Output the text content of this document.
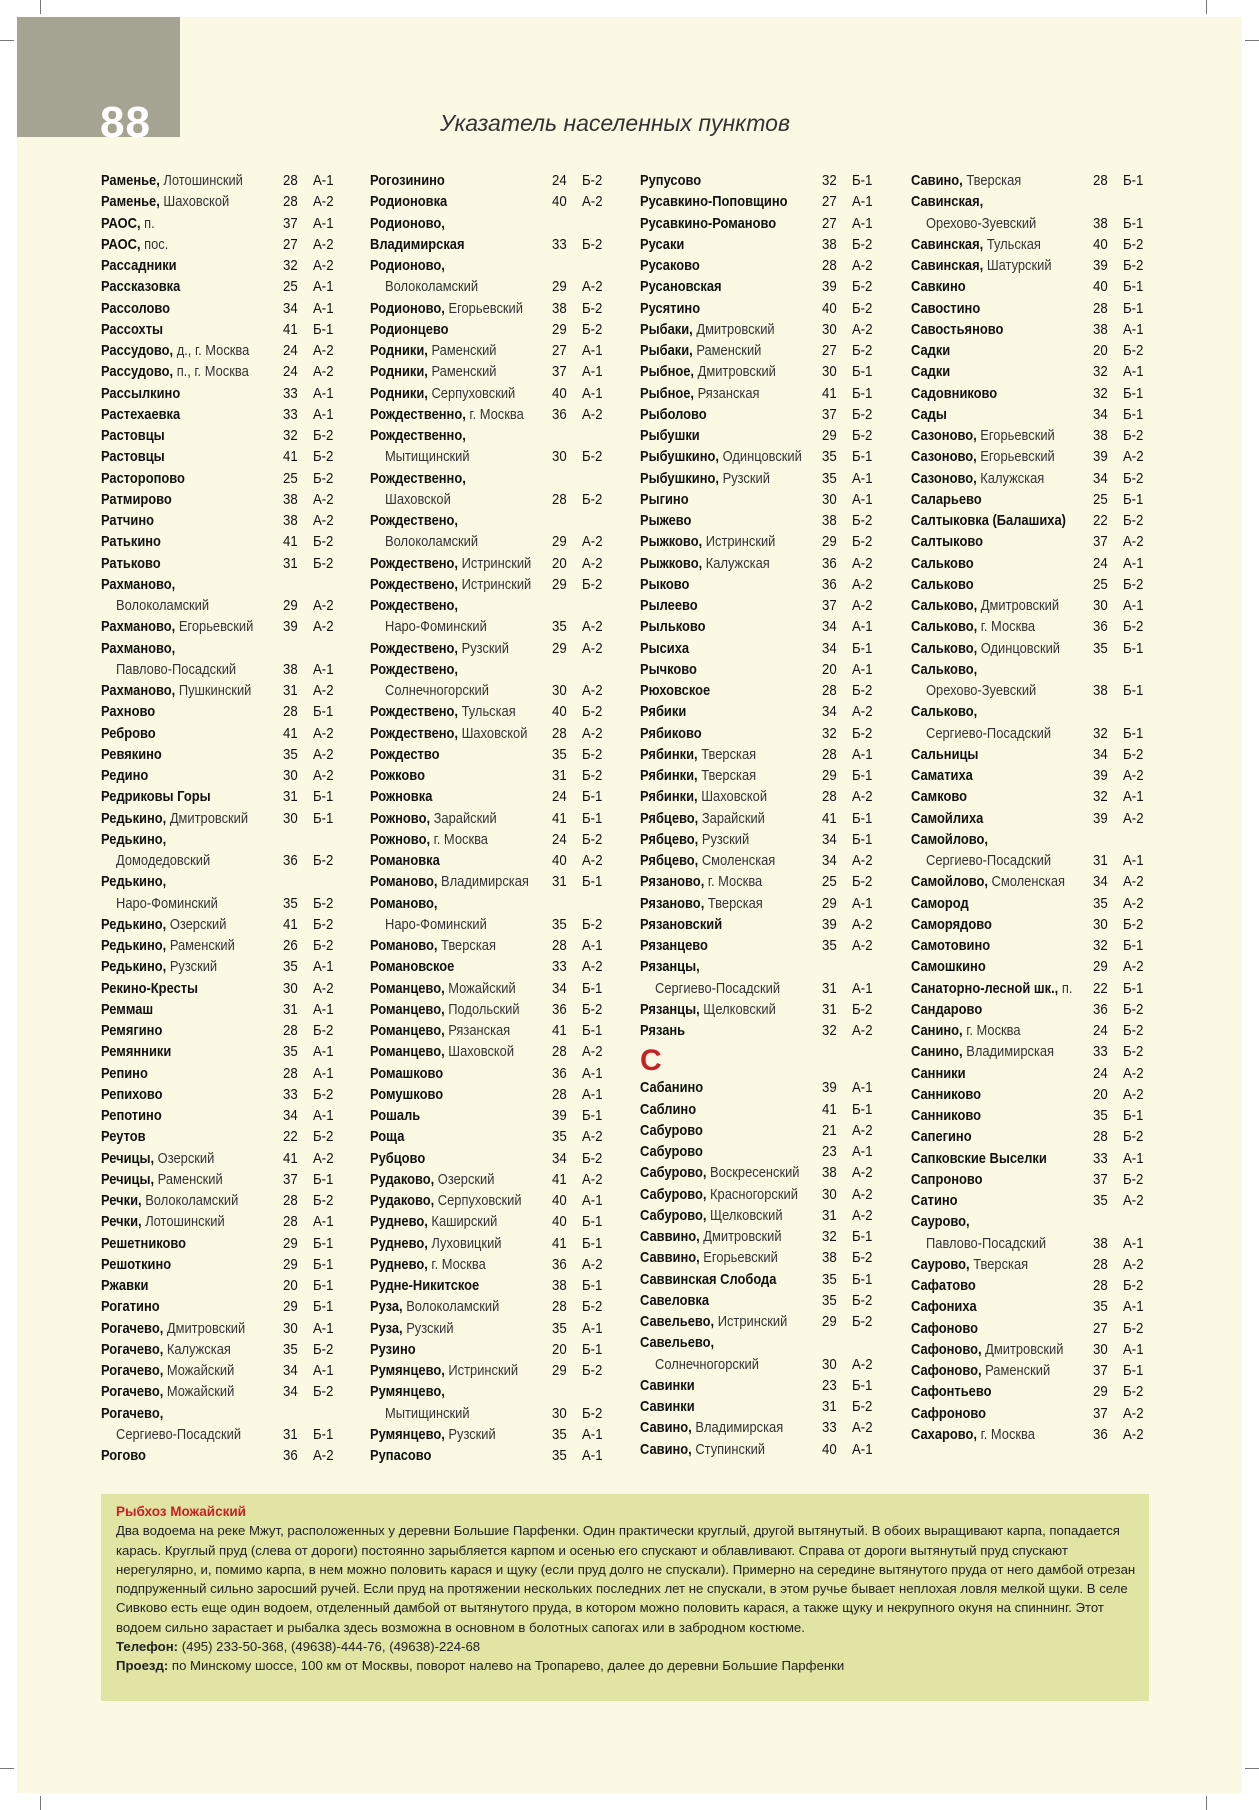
88	Указатель населенных пунктов
Раменье, Лотошинский	28 А-1
Раменье, Шаховской	28 А-2
РАОС, п.	37 А-1
РАОС, пос.	27 А-2
Рассадники	32 А-2
Рассказовка	25 А-1
Рассолово	34 А-1
Рассохты	41 Б-1
Рассудово, д., г. Москва 24 А-2
Рассудово, п., г. Москва 24 А-2
Рассылкино	33 А-1
Растехаевка	33 А-1
Растовцы	32 Б-2
Растовцы	41 Б-2
Расторопово	25 Б-2
Ратмирово	38 А-2
Ратчино	38 А-2
Ратькино	41 Б-2
Ратьково	31 Б-2
Рахманово,
Волоколамский	29 А-2
Рахманово, Егорьевский 39 А-2
Рахманово,
Павлово-Посадский	38 А-1
Рахманово, Пушкинский 31 А-2
Рахново	28 Б-1
Реброво	41 А-2
Ревякино	35 А-2
Редино	30 А-2
Редриковы Горы	31 Б-1
Редькино, Дмитровский 30 Б-1
Редькино,
Домодедовский	36 Б-2
Редькино,
Наро-Фоминский	35 Б-2
Редькино, Озерский	41 Б-2
Редькино, Раменский	26 Б-2
Редькино, Рузский	35 А-1
Рекино-Кресты	30 А-2
Реммаш	31 А-1
Ремягино	28 Б-2
Ремянники	35 А-1
Репино	28 А-1
Репихово	33 Б-2
Репотино	34 А-1
Реутов	22 Б-2
Речицы, Озерский	41 А-2
Речицы, Раменский	37 Б-1
Речки, Волоколамский	28 Б-2
Речки, Лотошинский	28 А-1
Решетниково	29 Б-1
Решоткино	29 Б-1
Ржавки	20 Б-1
Рогатино	29 Б-1
Рогачево, Дмитровский	30 А-1
Рогачево, Калужская	35 Б-2
Рогачево, Можайский	34 А-1
Рогачево, Можайский	34 Б-2
Рогачево,
Сергиево-Посадский	31 Б-1
Рогово	36 А-2
Рогозинино	24 Б-2
Родионовка	40 А-2
Родионово,
Владимирская	33 Б-2
Родионово,
Волоколамский	29 А-2
Родионово, Егорьевский 38 Б-2
Родионцево	29 Б-2
Родники, Раменский	27 А-1
Родники, Раменский	37 А-1
Родники, Серпуховский 40 А-1
Рождественно, г. Москва 36 А-2
Рождественно,
Мытищинский	30 Б-2
Рождественно,
Шаховской	28 Б-2
Рождествено,
Волоколамский	29 А-2
Рождествено, Истринский 20 А-2
Рождествено, Истринский 29 Б-2
Рождествено,
Наро-Фоминский	35 А-2
Рождествено, Рузский	29 А-2
Рождествено,
Солнечногорский	30 А-2
Рождествено, Тульская 40 Б-2
Рождествено, Шаховской 28 А-2
Рождество	35 Б-2
Рожково	31 Б-2
Рожновка	24 Б-1
Рожново, Зарайский	41 Б-1
Рожново, г. Москва	24 Б-2
Романовка	40 А-2
Романово, Владимирская 31 Б-1
Романово,
Наро-Фоминский	35 Б-2
Романово, Тверская	28 А-1
Романовское	33 А-2
Романцево, Можайский 34 Б-1
Романцево, Подольский 36 Б-2
Романцево, Рязанская	41 Б-1
Романцево, Шаховской	28 А-2
Ромашково	36 А-1
Ромушково	28 А-1
Рошаль	39 Б-1
Роща	35 А-2
Рубцово	34 Б-2
Рудаково, Озерский	41 А-2
Рудаково, Серпуховский 40 А-1
Руднево, Каширский	40 Б-1
Руднево, Луховицкий	41 Б-1
Руднево, г. Москва	36 А-2
Рудне-Никитское	38 Б-1
Руза, Волоколамский	28 Б-2
Руза, Рузский	35 А-1
Рузино	20 Б-1
Румянцево, Истринский 29 Б-2
Румянцево,
Мытищинский	30 Б-2
Румянцево, Рузский	35 А-1
Рупасово	35 А-1
Рупусово	32 Б-1
Русавкино-Поповщино 27 А-1
Русавкино-Романово	27 А-1
Русаки	38 Б-2
Русаково	28 А-2
Русановская	39 Б-2
Русятино	40 Б-2
Рыбаки, Дмитровский	30 А-2
Рыбаки, Раменский	27 Б-2
Рыбное, Дмитровский	30 Б-1
Рыбное, Рязанская	41 Б-1
Рыболово	37 Б-2
Рыбушки	29 Б-2
Рыбушкино, Одинцовский 35 Б-1
Рыбушкино, Рузский	35 А-1
Рыгино	30 А-1
Рыжево	38 Б-2
Рыжково, Истринский	29 Б-2
Рыжково, Калужская	36 А-2
Рыково	36 А-2
Рылеево	37 А-2
Рыльково	34 А-1
Рысиха	34 Б-1
Рычково	20 А-1
Рюховское	28 Б-2
Рябики	34 А-2
Рябиково	32 Б-2
Рябинки, Тверская	28 А-1
Рябинки, Тверская	29 Б-1
Рябинки, Шаховской	28 А-2
Рябцево, Зарайский	41 Б-1
Рябцево, Рузский	34 Б-1
Рябцево, Смоленская	34 А-2
Рязаново, г. Москва	25 Б-2
Рязаново, Тверская	29 А-1
Рязановский	39 А-2
Рязанцево	35 А-2
Рязанцы,
Сергиево-Посадский	31 А-1
Рязанцы, Щелковский	31 Б-2
Рязань	32 А-2
С
Сабанино	39 А-1
Саблино	41 Б-1
Сабурово	21 А-2
Сабурово	23 А-1
Сабурово, Воскресенский 38 А-2
Сабурово, Красногорский 30 А-2
Сабурово, Щелковский	31 А-2
Саввино, Дмитровский	32 Б-1
Саввино, Егорьевский	38 Б-2
Саввинская Слобода	35 Б-1
Савеловка	35 Б-2
Савельево, Истринский 29 Б-2
Савельево,
Солнечногорский	30 А-2
Савинки	23 Б-1
Савинки	31 Б-2
Савино, Владимирская	33 А-2
Савино, Ступинский	40 А-1
Савино, Тверская	28 Б-1
Савинская,
Орехово-Зуевский	38 Б-1
Савинская, Тульская	40 Б-2
Савинская, Шатурский	39 Б-2
Савкино	40 Б-1
Савостино	28 Б-1
Савостьяново	38 А-1
Садки	20 Б-2
Садки	32 А-1
Садовниково	32 Б-1
Сады	34 Б-1
Сазоново, Егорьевский	38 Б-2
Сазоново, Егорьевский	39 А-2
Сазоново, Калужская	34 Б-2
Саларьево	25 Б-1
Салтыковка (Балашиха) 22 Б-2
Салтыково	37 А-2
Сальково	24 А-1
Сальково	25 Б-2
Сальково, Дмитровский 30 А-1
Сальково, г. Москва	36 Б-2
Сальково, Одинцовский 35 Б-1
Сальково,
Орехово-Зуевский	38 Б-1
Сальково,
Сергиево-Посадский	32 Б-1
Сальницы	34 Б-2
Саматиха	39 А-2
Самково	32 А-1
Самойлиха	39 А-2
Самойлово,
Сергиево-Посадский	31 А-1
Самойлово, Смоленская 34 А-2
Самород	35 А-2
Саморядово	30 Б-2
Самотовино	32 Б-1
Самошкино	29 А-2
Санаторно-лесной шк., п. 22 Б-1
Сандарово	36 Б-2
Санино, г. Москва	24 Б-2
Санино, Владимирская	33 Б-2
Санники	24 А-2
Санниково	20 А-2
Санниково	35 Б-1
Сапегино	28 Б-2
Сапковские Выселки	33 А-1
Сапроново	37 Б-2
Сатино	35 А-2
Саурово,
Павлово-Посадский	38 А-1
Саурово, Тверская	28 А-2
Сафатово	28 Б-2
Сафониха	35 А-1
Сафоново	27 Б-2
Сафоново, Дмитровский 30 А-1
Сафоново, Раменский	37 Б-1
Сафонтьево	29 Б-2
Сафроново	37 А-2
Сахарово, г. Москва	36 А-2
Рыбхоз Можайский
Два водоема на реке Мжут, расположенных у деревни Большие Парфенки. Один практически круглый, другой вытянутый. В обоих выращивают карпа, попадается карась. Круглый пруд (слева от дороги) постоянно зарыбляется карпом и осенью его спускают и облавливают. Справа от дороги вытянутый пруд спускают нерегулярно, и, помимо карпа, в нем можно половить карася и щуку (если пруд долго не спускали). Примерно на середине вытянутого пруда от него дамбой отрезан подпруженный сильно заросший ручей. Если пруд на протяжении нескольких последних лет не спускали, в этом ручье бывает неплохая ловля мелкой щуки. В селе Сивково есть еще один водоем, отделенный дамбой от вытянутого пруда, в котором можно половить карася, а также щуку и некрупного окуня на спиннинг. Этот водоем сильно зарастает и рыбалка здесь возможна в основном в болотных сапогах или в забродном костюме.
Телефон: (495) 233-50-368, (49638)-444-76, (49638)-224-68
Проезд: по Минскому шоссе, 100 км от Москвы, поворот налево на Тропарево, далее до деревни Большие Парфенки
